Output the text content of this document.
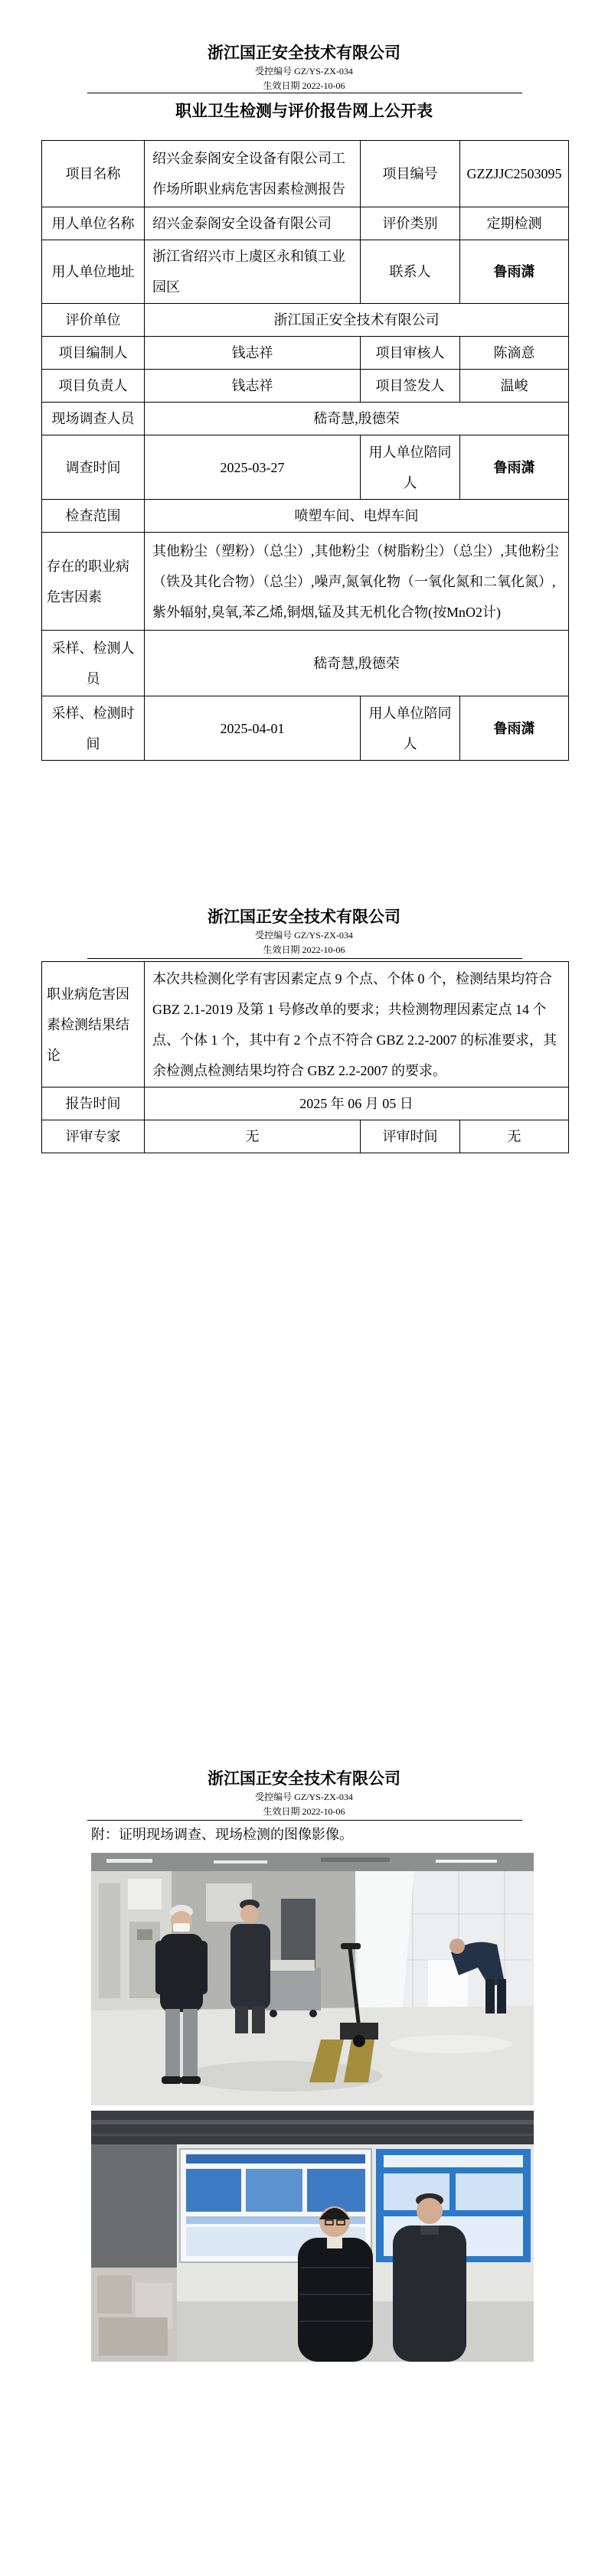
浙江国正安全技术有限公司
受控编号 GZ/YS-ZX-034
生效日期 2022-10-06
职业卫生检测与评价报告网上公开表
项目名称	绍兴金泰阁安全设备有限公司工作场所职业病危害因素检测报告	项目编号	GZZJJC2503095
用人单位名称	绍兴金泰阁安全设备有限公司	评价类别	定期检测
用人单位地址	浙江省绍兴市上虞区永和镇工业园区	联系人	鲁雨潇
评价单位	浙江国正安全技术有限公司		
项目编制人	钱志祥	项目审核人	陈滴意
项目负责人	钱志祥	项目签发人	温峻
现场调查人员	嵇奇慧,殷德荣		
调查时间	2025-03-27	用人单位陪同人	鲁雨潇
检查范围	喷塑车间、电焊车间		
存在的职业病危害因素	其他粉尘（塑粉）（总尘）,其他粉尘（树脂粉尘）（总尘）,其他粉尘（铁及其化合物）（总尘）,噪声,氮氧化物（一氧化氮和二氧化氮）,紫外辐射,臭氧,苯乙烯,铜烟,锰及其无机化合物(按MnO2计)		
采样、检测人员	嵇奇慧,殷德荣		
采样、检测时间	2025-04-01	用人单位陪同人	鲁雨潇
浙江国正安全技术有限公司
受控编号 GZ/YS-ZX-034
生效日期 2022-10-06
职业病危害因素检测结果结论	本次共检测化学有害因素定点 9 个点、个体 0 个，检测结果均符合 GBZ 2.1-2019 及第 1 号修改单的要求；共检测物理因素定点 14 个点、个体 1 个，其中有 2 个点不符合 GBZ 2.2-2007 的标准要求，其余检测点检测结果均符合 GBZ 2.2-2007 的要求。		
报告时间	2025 年 06 月 05 日		
评审专家	无	评审时间	无
浙江国正安全技术有限公司
受控编号 GZ/YS-ZX-034
生效日期 2022-10-06
附：证明现场调查、现场检测的图像影像。
